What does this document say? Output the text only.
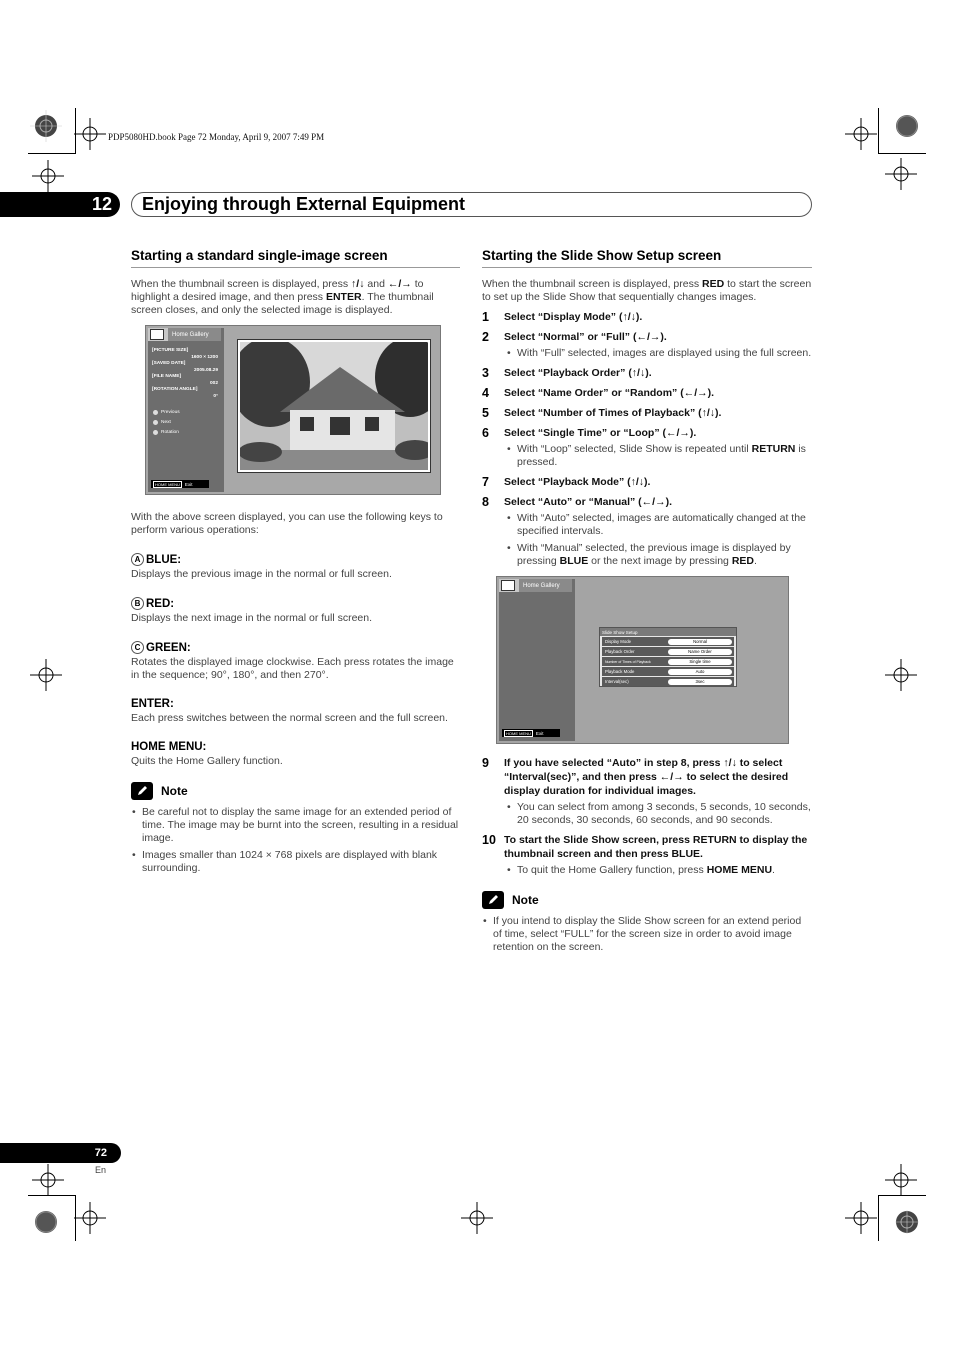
PDP5080HD.book Page 72 Monday, April 9, 2007 7:49 PM
12	Enjoying through External Equipment
Starting a standard single-image screen

When the thumbnail screen is displayed, press ↑/↓ and ←/→ to highlight a desired image, and then press ENTER. The thumbnail screen closes, and only the selected image is displayed.

Home Gallery
[PICTURE SIZE]
1600 × 1200
[SAVED DATE]
2005.08.29
[FILE NAME]
002
[ROTATION ANGLE]
0°
Previous
Next
Rotation
HOME MENU	Exit

With the above screen displayed, you can use the following keys to perform various operations:

A BLUE:

Displays the previous image in the normal or full screen.

B RED:

Displays the next image in the normal or full screen.

C GREEN:

Rotates the displayed image clockwise. Each press rotates the image in the sequence; 90°, 180°, and then 270°.

ENTER:

Each press switches between the normal screen and the full screen.

HOME MENU:

Quits the Home Gallery function.

Note
• Be careful not to display the same image for an extended period of time. The image may be burnt into the screen, resulting in a residual image.
• Images smaller than 1024 × 768 pixels are displayed with blank surrounding.
Starting the Slide Show Setup screen

When the thumbnail screen is displayed, press RED to start the screen to set up the Slide Show that sequentially changes images.

1	Select “Display Mode” (↑/↓).
2	Select “Normal” or “Full” (←/→).
• With “Full” selected, images are displayed using the full screen.
3	Select “Playback Order” (↑/↓).
4	Select “Name Order” or “Random” (←/→).
5	Select “Number of Times of Playback” (↑/↓).
6	Select “Single Time” or “Loop” (←/→).
• With “Loop” selected, Slide Show is repeated until RETURN is pressed.
7	Select “Playback Mode” (↑/↓).
8	Select “Auto” or “Manual” (←/→).
• With “Auto” selected, images are automatically changed at the specified intervals.
• With “Manual” selected, the previous image is displayed by pressing BLUE or the next image by pressing RED.
Home Gallery
Slide Show Setup
Display Mode	Normal
Playback Order	Name Order
Number of Times of Playback	Single time
Playback Mode	Auto
Interval(sec)	3sec
HOME MENU	Exit
9	If you have selected “Auto” in step 8, press ↑/↓ to select “Interval(sec)”, and then press ←/→ to select the desired display duration for individual images.
• You can select from among 3 seconds, 5 seconds, 10 seconds, 20 seconds, 30 seconds, 60 seconds, and 90 seconds.
10 To start the Slide Show screen, press RETURN to display the thumbnail screen and then press BLUE.
• To quit the Home Gallery function, press HOME MENU.
Note
• If you intend to display the Slide Show screen for an extend period of time, select “FULL” for the screen size in order to avoid image retention on the screen.
72
En
